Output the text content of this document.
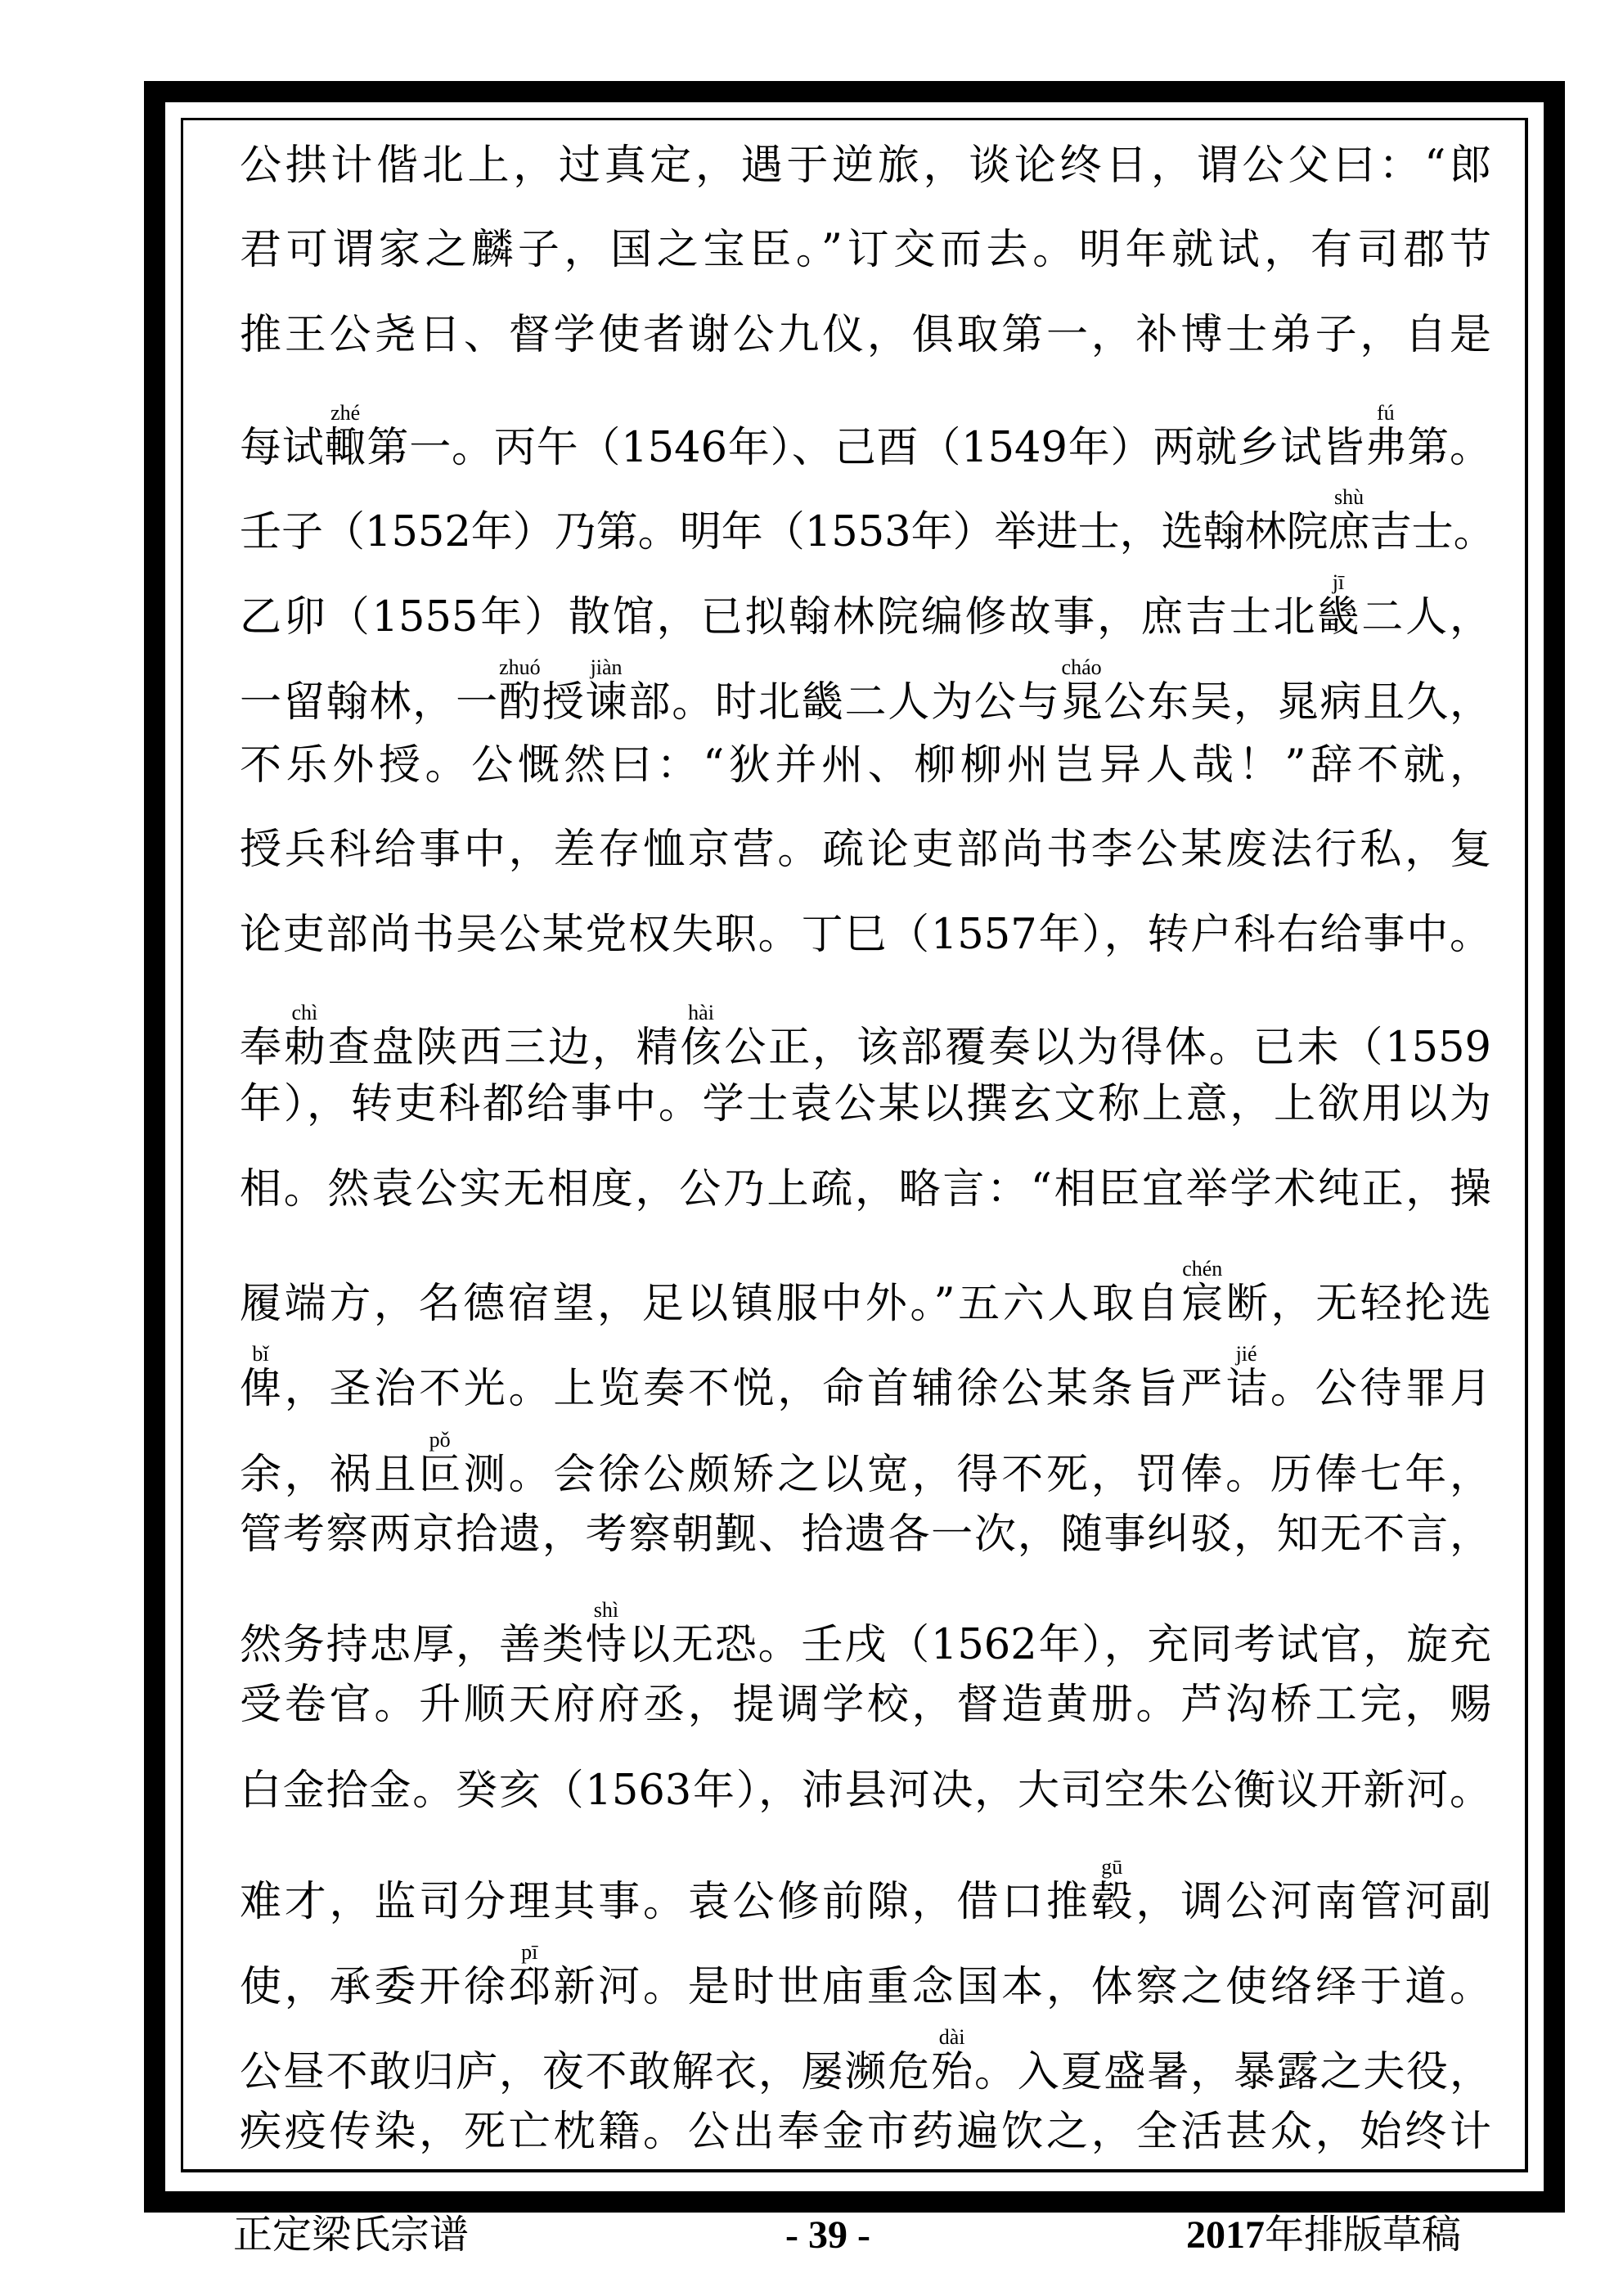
公拱计偕北上，过真定，遇于逆旅，谈论终日，谓公父曰：“郎
君可谓家之麟子，国之宝臣。”订交而去。明年就试，有司郡节
推王公尧日、督学使者谢公九仪，俱取第一，补博士弟子，自是
每试輙zhé第一。丙午（1546年）、己酉（1549年）两就乡试皆弗fú第。
壬子（1552年）乃第。明年（1553年）举进士，选翰林院庶shù吉士。
乙卯（1555年）散馆，已拟翰林院编修故事，庶吉士北畿jī二人，
一留翰林，一酌zhuó授谏jiàn部。时北畿二人为公与晁cháo公东吴，晁病且久，
不乐外授。公慨然曰：“狄并州、柳柳州岂异人哉！”辞不就，
授兵科给事中，差存恤京营。疏论吏部尚书李公某废法行私，复
论吏部尚书吴公某党权失职。丁巳（1557年），转户科右给事中。
奉勅chì查盘陕西三边，精侅hài公正，该部覆奏以为得体。已未（1559
年），转吏科都给事中。学士袁公某以撰玄文称上意，上欲用以为
相。然袁公实无相度，公乃上疏，略言：“相臣宜举学术纯正，操
履端方，名德宿望，足以镇服中外。”五六人取自宸chén断，无轻抡选
俾bǐ，圣治不光。上览奏不悦，命首辅徐公某条旨严诘jié。公待罪月
余，祸且叵pǒ测。会徐公颇矫之以宽，得不死，罚俸。历俸七年，
管考察两京拾遗，考察朝觐、拾遗各一次，随事纠驳，知无不言，
然务持忠厚，善类恃shì以无恐。壬戌（1562年），充同考试官，旋充
受卷官。升顺天府府丞，提调学校，督造黄册。芦沟桥工完，赐
白金拾金。癸亥（1563年），沛县河决，大司空朱公衡议开新河。
难才，监司分理其事。袁公修前隙，借口推毂gū，调公河南管河副
使，承委开徐邳pī新河。是时世庙重念国本，体察之使络绎于道。
公昼不敢归庐，夜不敢解衣，屡濒危殆dài。入夏盛暑，暴露之夫役，
疾疫传染，死亡枕籍。公出奉金市药遍饮之，全活甚众，始终计
正定梁氏宗谱	- 39 -	2017年排版草稿
